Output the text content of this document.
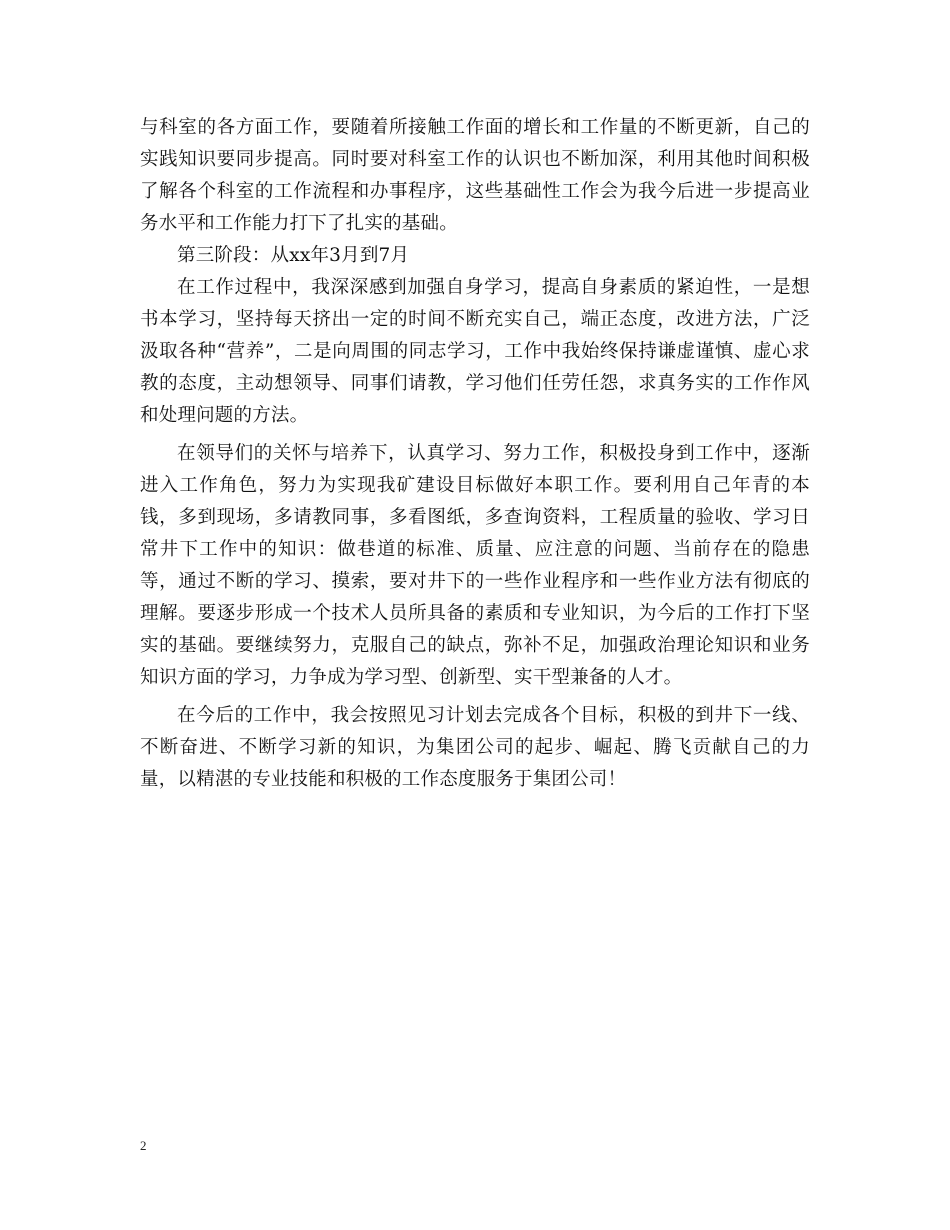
与科室的各方面工作，要随着所接触工作面的增长和工作量的不断更新，自己的实践知识要同步提高。同时要对科室工作的认识也不断加深，利用其他时间积极了解各个科室的工作流程和办事程序，这些基础性工作会为我今后进一步提高业务水平和工作能力打下了扎实的基础。

第三阶段：从xx年3月到7月

在工作过程中，我深深感到加强自身学习，提高自身素质的紧迫性，一是想书本学习，坚持每天挤出一定的时间不断充实自己，端正态度，改进方法，广泛汲取各种“营养”，二是向周围的同志学习，工作中我始终保持谦虚谨慎、虚心求教的态度，主动想领导、同事们请教，学习他们任劳任怨，求真务实的工作作风和处理问题的方法。

在领导们的关怀与培养下，认真学习、努力工作，积极投身到工作中，逐渐进入工作角色，努力为实现我矿建设目标做好本职工作。要利用自己年青的本钱，多到现场，多请教同事，多看图纸，多查询资料，工程质量的验收、学习日常井下工作中的知识：做巷道的标准、质量、应注意的问题、当前存在的隐患等，通过不断的学习、摸索，要对井下的一些作业程序和一些作业方法有彻底的理解。要逐步形成一个技术人员所具备的素质和专业知识，为今后的工作打下坚实的基础。要继续努力，克服自己的缺点，弥补不足，加强政治理论知识和业务知识方面的学习，力争成为学习型、创新型、实干型兼备的人才。

在今后的工作中，我会按照见习计划去完成各个目标，积极的到井下一线、不断奋进、不断学习新的知识，为集团公司的起步、崛起、腾飞贡献自己的力量，以精湛的专业技能和积极的工作态度服务于集团公司！

2
